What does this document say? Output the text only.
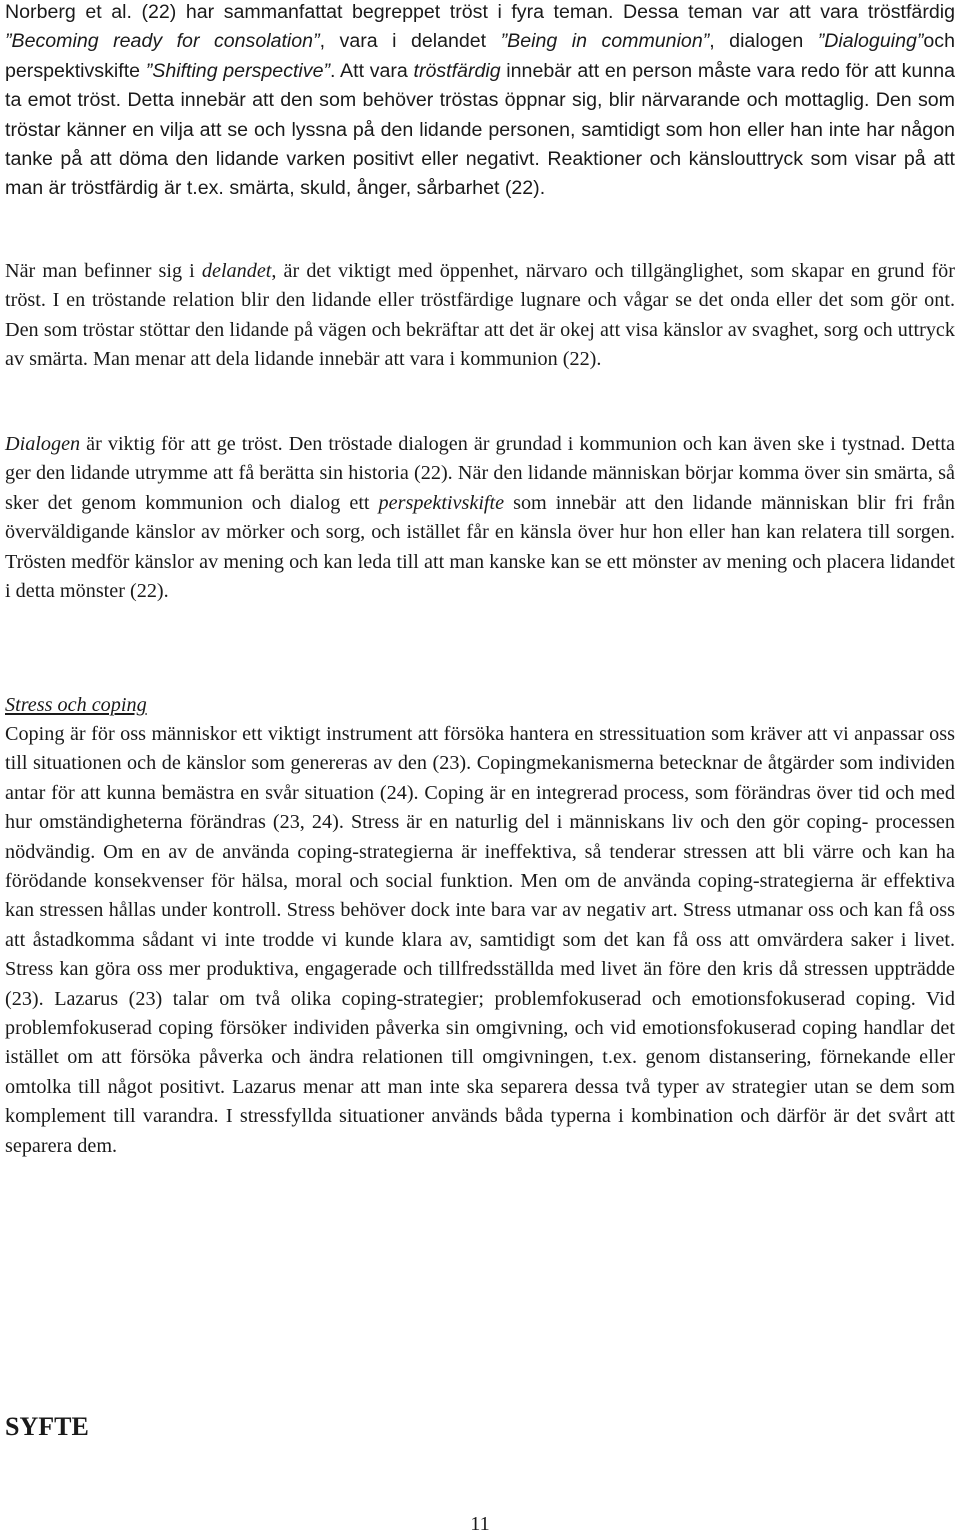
Norberg et al. (22) har sammanfattat begreppet tröst i fyra teman. Dessa teman var att vara tröstfärdig ”Becoming ready for consolation”, vara i delandet ”Being in communion”, dialogen ”Dialoguing”och perspektivskifte ”Shifting perspective”. Att vara tröstfärdig innebär att en person måste vara redo för att kunna ta emot tröst. Detta innebär att den som behöver tröstas öppnar sig, blir närvarande och mottaglig. Den som tröstar känner en vilja att se och lyssna på den lidande personen, samtidigt som hon eller han inte har någon tanke på att döma den lidande varken positivt eller negativt. Reaktioner och känslouttryck som visar på att man är tröstfärdig är t.ex. smärta, skuld, ånger, sårbarhet (22).

När man befinner sig i delandet, är det viktigt med öppenhet, närvaro och tillgänglighet, som skapar en grund för tröst. I en tröstande relation blir den lidande eller tröstfärdige lugnare och vågar se det onda eller det som gör ont. Den som tröstar stöttar den lidande på vägen och bekräftar att det är okej att visa känslor av svaghet, sorg och uttryck av smärta. Man menar att dela lidande innebär att vara i kommunion (22).

Dialogen är viktig för att ge tröst. Den tröstade dialogen är grundad i kommunion och kan även ske i tystnad. Detta ger den lidande utrymme att få berätta sin historia (22). När den lidande människan börjar komma över sin smärta, så sker det genom kommunion och dialog ett perspektivskifte som innebär att den lidande människan blir fri från överväldigande känslor av mörker och sorg, och istället får en känsla över hur hon eller han kan relatera till sorgen. Trösten medför känslor av mening och kan leda till att man kanske kan se ett mönster av mening och placera lidandet i detta mönster (22).

Stress och coping

Coping är för oss människor ett viktigt instrument att försöka hantera en stressituation som kräver att vi anpassar oss till situationen och de känslor som genereras av den (23). Copingmekanismerna betecknar de åtgärder som individen antar för att kunna bemästra en svår situation (24). Coping är en integrerad process, som förändras över tid och med hur omständigheterna förändras (23, 24). Stress är en naturlig del i människans liv och den gör coping- processen nödvändig. Om en av de använda coping-strategierna är ineffektiva, så tenderar stressen att bli värre och kan ha förödande konsekvenser för hälsa, moral och social funktion. Men om de använda coping-strategierna är effektiva kan stressen hållas under kontroll. Stress behöver dock inte bara var av negativ art. Stress utmanar oss och kan få oss att åstadkomma sådant vi inte trodde vi kunde klara av, samtidigt som det kan få oss att omvärdera saker i livet. Stress kan göra oss mer produktiva, engagerade och tillfredsställda med livet än före den kris då stressen uppträdde (23). Lazarus (23) talar om två olika coping-strategier; problemfokuserad och emotionsfokuserad coping. Vid problemfokuserad coping försöker individen påverka sin omgivning, och vid emotionsfokuserad coping handlar det istället om att försöka påverka och ändra relationen till omgivningen, t.ex. genom distansering, förnekande eller omtolka till något positivt. Lazarus menar att man inte ska separera dessa två typer av strategier utan se dem som komplement till varandra. I stressfyllda situationer används båda typerna i kombination och därför är det svårt att separera dem.

SYFTE

11
